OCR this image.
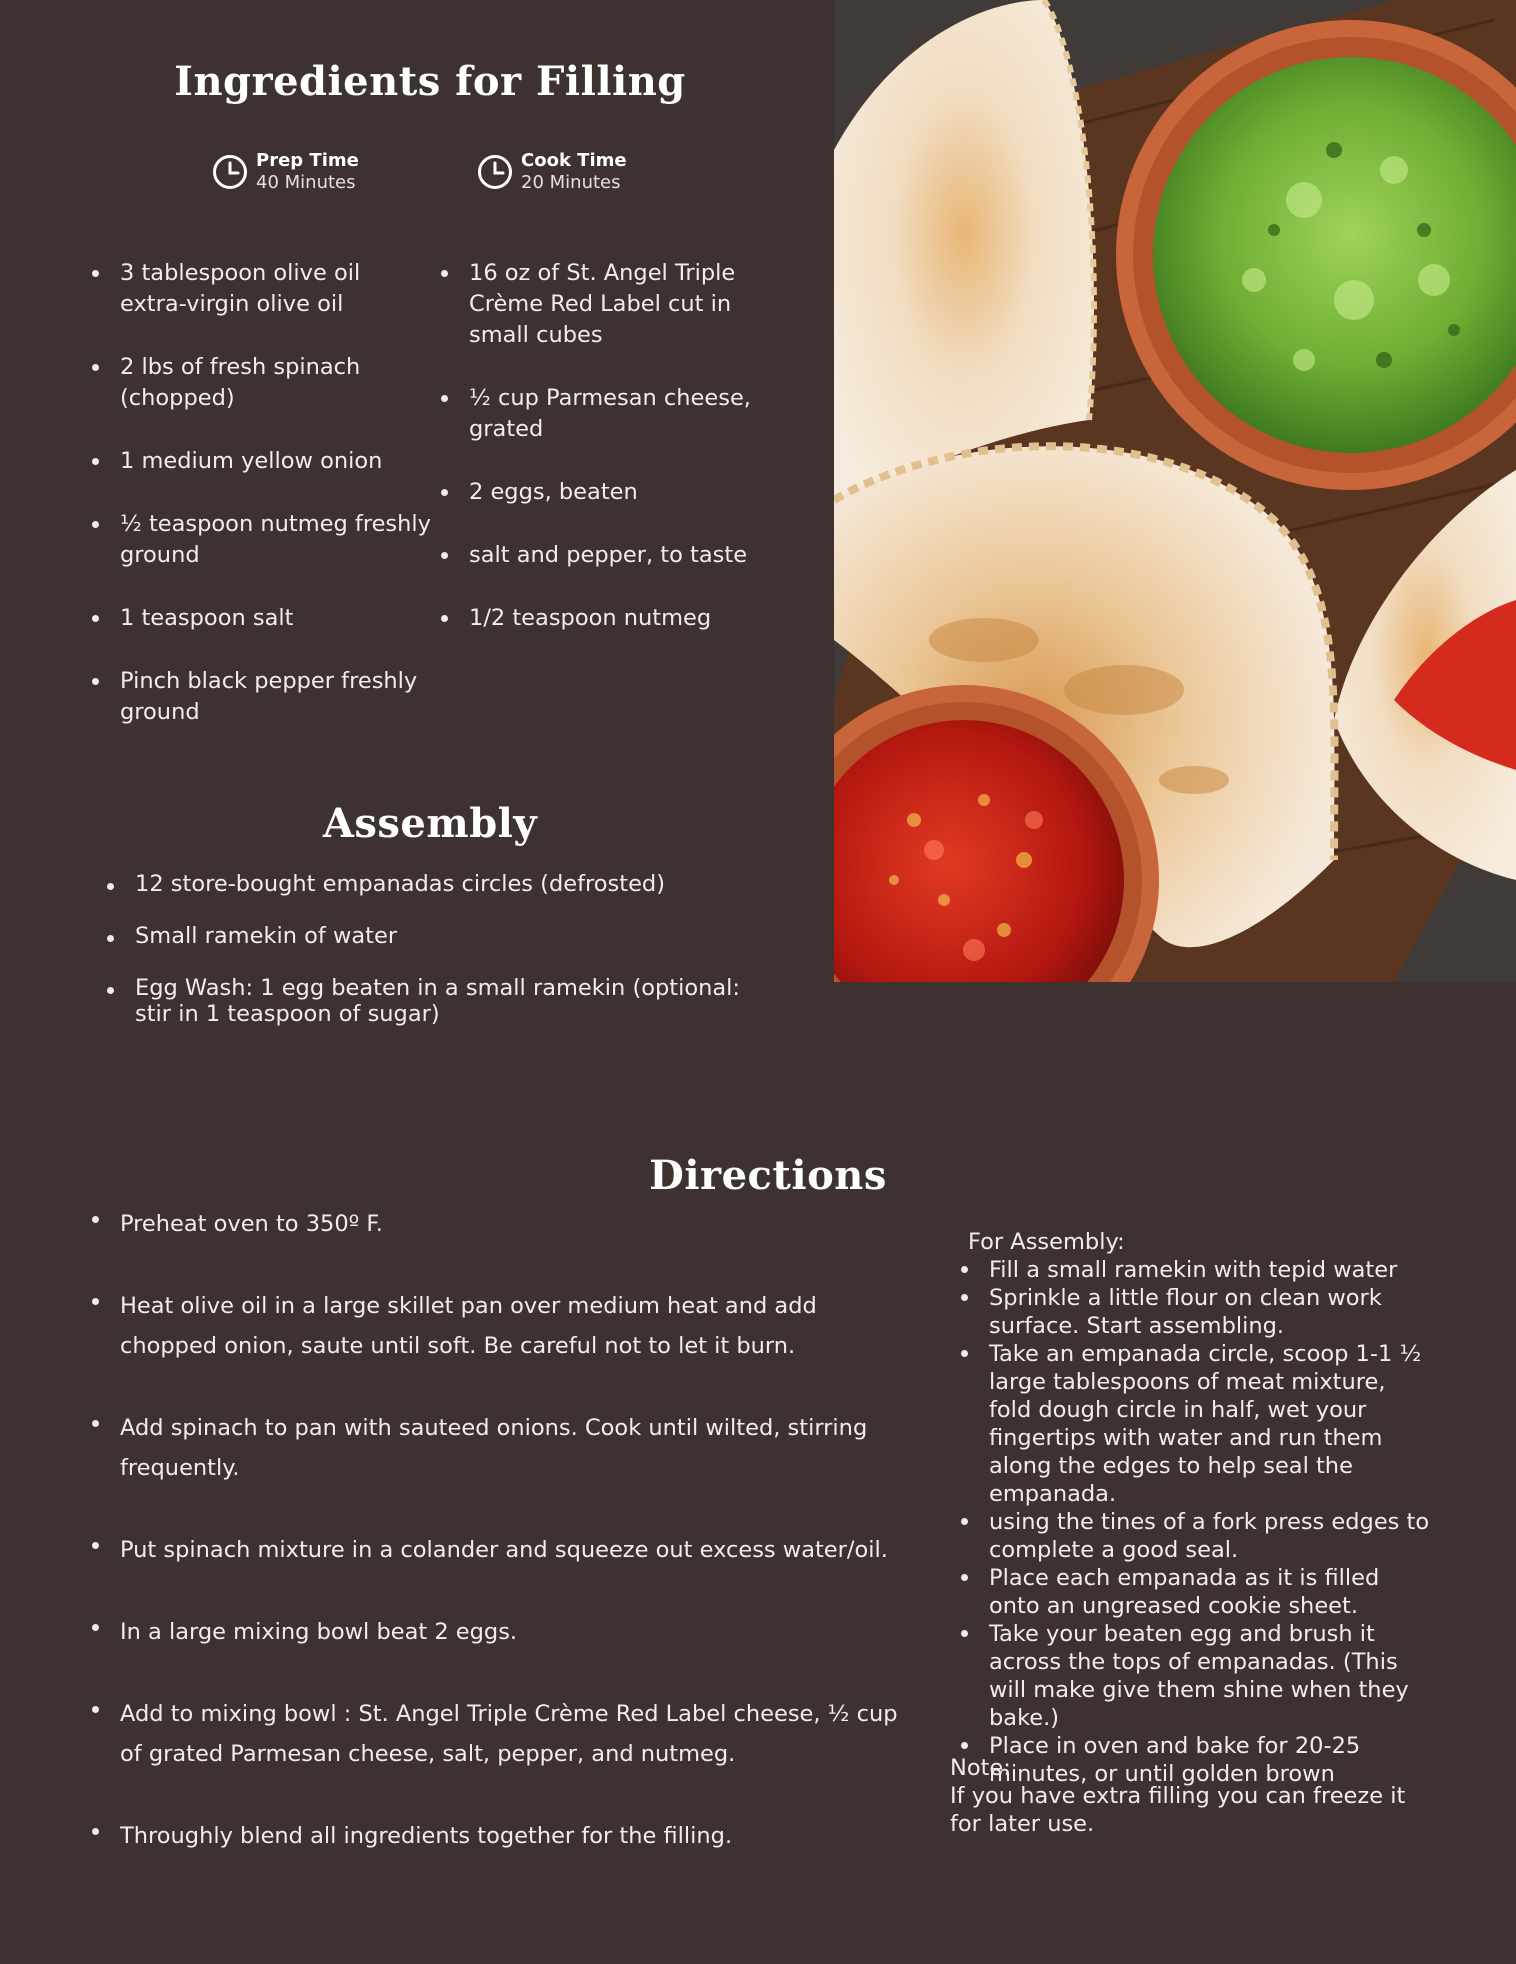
Ingredients for Filling
Prep Time
40 Minutes
Cook Time
20 Minutes
3 tablespoon olive oil extra-virgin olive oil
2 lbs of fresh spinach (chopped)
1 medium yellow onion
½ teaspoon nutmeg freshly ground
1 teaspoon salt
Pinch black pepper freshly ground
16 oz of St. Angel Triple Crème Red Label cut in small cubes
½ cup Parmesan cheese, grated
2 eggs, beaten
salt and pepper, to taste
1/2 teaspoon nutmeg
Assembly
12 store-bought empanadas circles (defrosted)
Small ramekin of water
Egg Wash: 1 egg beaten in a small ramekin (optional: stir in 1 teaspoon of sugar)
Directions
Preheat oven to 350º F.
Heat olive oil in a large skillet pan over medium heat and add chopped onion, saute until soft. Be careful not to let it burn.
Add spinach to pan with sauteed onions. Cook until wilted, stirring frequently.
Put spinach mixture in a colander and squeeze out excess water/oil.
In a large mixing bowl beat 2 eggs.
Add to mixing bowl : St. Angel Triple Crème Red Label cheese, ½ cup of grated Parmesan cheese, salt, pepper, and nutmeg.
Throughly blend all ingredients together for the filling.
For Assembly:
Fill a small ramekin with tepid water
Sprinkle a little flour on clean work surface. Start assembling.
Take an empanada circle, scoop 1-1 ½ large tablespoons of meat mixture, fold dough circle in half, wet your fingertips with water and run them along the edges to help seal the empanada.
using the tines of a fork press edges to complete a good seal.
Place each empanada as it is filled onto an ungreased cookie sheet.
Take your beaten egg and brush it across the tops of empanadas. (This will make give them shine when they bake.)
Place in oven and bake for 20-25 minutes, or until golden brown
Note:
If you have extra filling you can freeze it for later use.
